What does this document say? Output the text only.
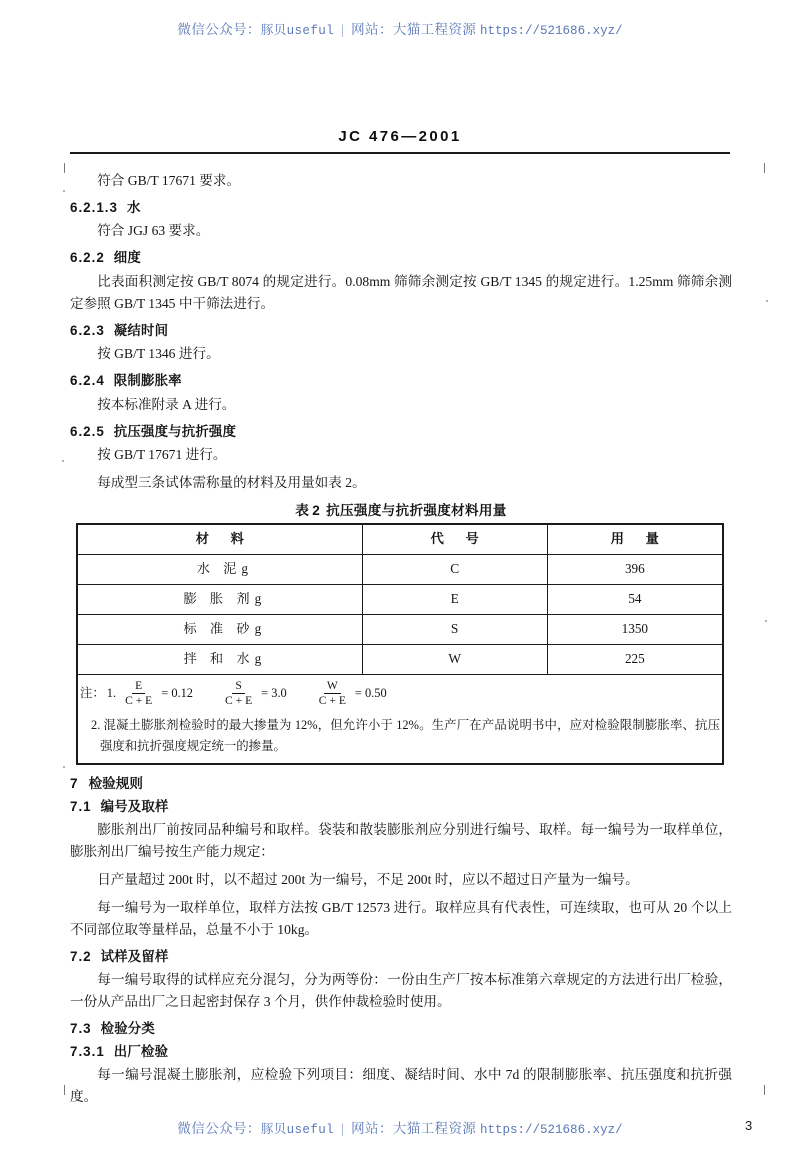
微信公众号：豚贝useful | 网站：大猫工程资源 https://521686.xyz/
JC 476—2001

符合 GB/T 17671 要求。

6.2.1.3 水

符合 JGJ 63 要求。

6.2.2 细度

比表面积测定按 GB/T 8074 的规定进行。0.08mm 筛筛余测定按 GB/T 1345 的规定进行。1.25mm 筛筛余测定参照 GB/T 1345 中干筛法进行。

6.2.3 凝结时间

按 GB/T 1346 进行。

6.2.4 限制膨胀率

按本标准附录 A 进行。

6.2.5 抗压强度与抗折强度

按 GB/T 17671 进行。

每成型三条试体需称量的材料及用量如表 2。

表 2 抗压强度与抗折强度材料用量
材 料	代 号	用 量
水 泥g	C	396
膨 胀 剂g	E	54
标 准 砂g	S	1350
拌 和 水g	W	225

注： 1. $\frac{E}{C + E} = 0.12$	$\frac{S}{C + E} = 3.0$	$\frac{W}{C + E} = 0.50$
2. 混凝土膨胀剂检验时的最大掺量为 12%，但允许小于 12%。生产厂在产品说明书中，应对检验限制膨胀率、抗压强度和抗折强度规定统一的掺量。

7 检验规则

7.1 编号及取样

膨胀剂出厂前按同品种编号和取样。袋装和散装膨胀剂应分别进行编号、取样。每一编号为一取样单位，膨胀剂出厂编号按生产能力规定：

日产量超过 200t 时，以不超过 200t 为一编号，不足 200t 时，应以不超过日产量为一编号。

每一编号为一取样单位，取样方法按 GB/T 12573 进行。取样应具有代表性，可连续取，也可从 20 个以上不同部位取等量样品，总量不小于 10kg。

7.2 试样及留样

每一编号取得的试样应充分混匀，分为两等份：一份由生产厂按本标准第六章规定的方法进行出厂检验，一份从产品出厂之日起密封保存 3 个月，供作仲裁检验时使用。

7.3 检验分类

7.3.1 出厂检验

每一编号混凝土膨胀剂，应检验下列项目：细度、凝结时间、水中 7d 的限制膨胀率、抗压强度和抗折强度。

微信公众号：豚贝useful | 网站：大猫工程资源 https://521686.xyz/	3
